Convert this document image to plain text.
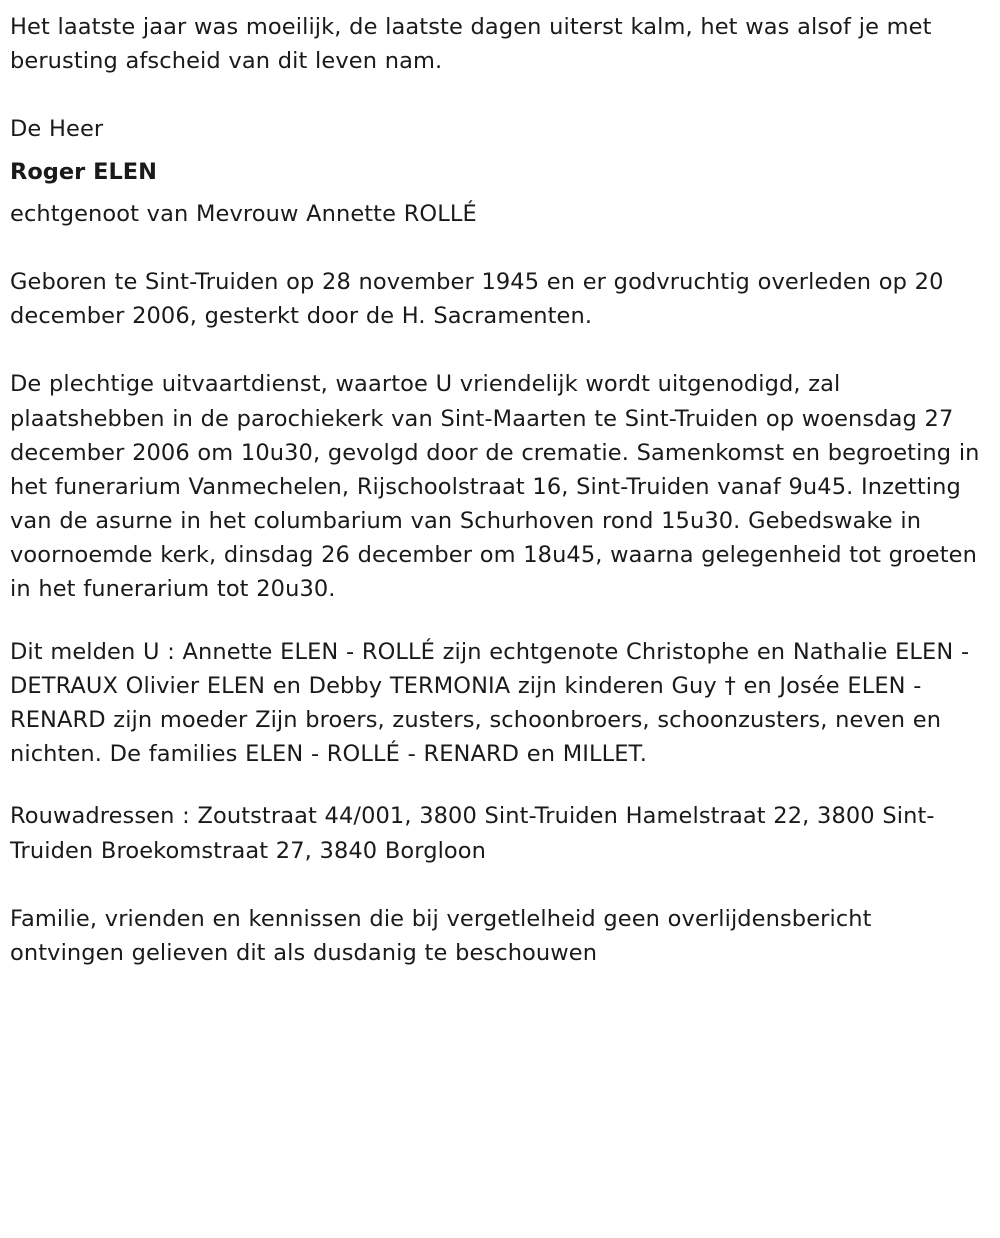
Het laatste jaar was moeilijk, de laatste dagen uiterst kalm, het was alsof je met berusting afscheid van dit leven nam.

De Heer

Roger ELEN

echtgenoot van Mevrouw Annette ROLLÉ

Geboren te Sint-Truiden op 28 november 1945 en er godvruchtig overleden op 20 december 2006, gesterkt door de H. Sacramenten.

De plechtige uitvaartdienst, waartoe U vriendelijk wordt uitgenodigd, zal plaatshebben in de parochiekerk van Sint-Maarten te Sint-Truiden op woensdag 27 december 2006 om 10u30, gevolgd door de crematie. Samenkomst en begroeting in het funerarium Vanmechelen, Rijschoolstraat 16, Sint-Truiden vanaf 9u45. Inzetting van de asurne in het columbarium van Schurhoven rond 15u30. Gebedswake in voornoemde kerk, dinsdag 26 december om 18u45, waarna gelegenheid tot groeten in het funerarium tot 20u30.

Dit melden U : Annette ELEN - ROLLÉ zijn echtgenote Christophe en Nathalie ELEN - DETRAUX Olivier ELEN en Debby TERMONIA zijn kinderen Guy † en Josée ELEN - RENARD zijn moeder Zijn broers, zusters, schoonbroers, schoonzusters, neven en nichten. De families ELEN - ROLLÉ - RENARD en MILLET.

Rouwadressen : Zoutstraat 44/001, 3800 Sint-Truiden Hamelstraat 22, 3800 Sint-Truiden Broekomstraat 27, 3840 Borgloon

Familie, vrienden en kennissen die bij vergetlelheid geen overlijdensbericht ontvingen gelieven dit als dusdanig te beschouwen
